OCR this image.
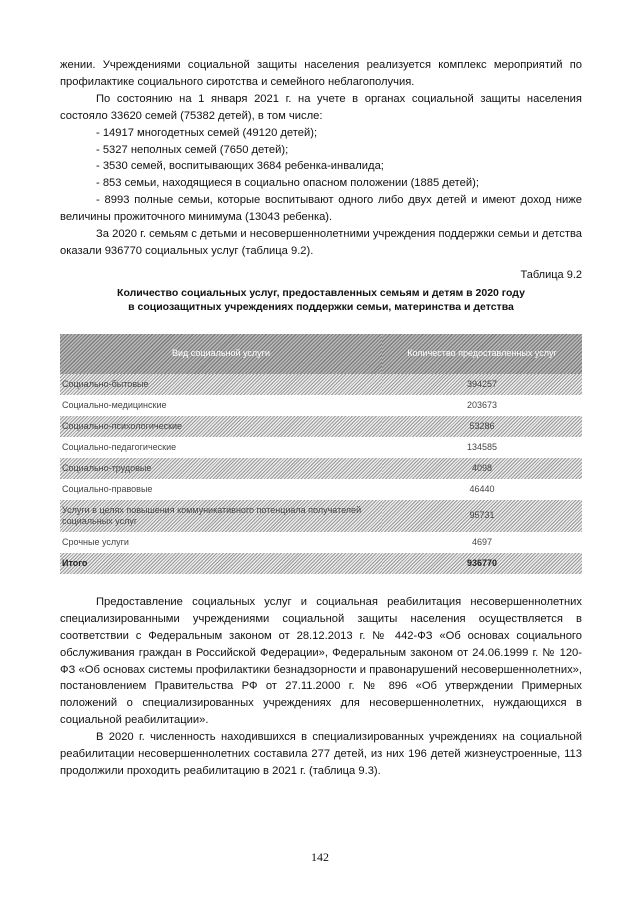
жении. Учреждениями социальной защиты населения реализуется комплекс мероприятий по профилактике социального сиротства и семейного неблагополучия.

По состоянию на 1 января 2021 г. на учете в органах социальной защиты населения состояло 33620 семей (75382 детей), в том числе:

- 14917 многодетных семей (49120 детей);

- 5327 неполных семей (7650 детей);

- 3530 семей, воспитывающих 3684 ребенка-инвалида;

- 853 семьи, находящиеся в социально опасном положении (1885 детей);

- 8993 полные семьи, которые воспитывают одного либо двух детей и имеют доход ниже величины прожиточного минимума (13043 ребенка).

За 2020 г. семьям с детьми и несовершеннолетними учреждения поддержки семьи и детства оказали 936770 социальных услуг (таблица 9.2).

Таблица 9.2
Количество социальных услуг, предоставленных семьям и детям в 2020 году
в социозащитных учреждениях поддержки семьи, материнства и детства
Вид социальной услуги	Количество предоставленных услуг
Социально-бытовые	394257
Социально-медицинские	203673
Социально-психологические	53286
Социально-педагогические	134585
Социально-трудовые	4098
Социально-правовые	46440
Услуги в целях повышения коммуникативного потенциала получателей социальных услуг	95731
Срочные услуги	4697
Итого	936770

Предоставление социальных услуг и социальная реабилитация несовершеннолетних специализированными учреждениями социальной защиты населения осуществляется в соответствии с Федеральным законом от 28.12.2013 г. № 442-ФЗ «Об основах социального обслуживания граждан в Российской Федерации», Федеральным законом от 24.06.1999 г. № 120-ФЗ «Об основах системы профилактики безнадзорности и правонарушений несовершеннолетних», постановлением Правительства РФ от 27.11.2000 г. № 896 «Об утверждении Примерных положений о специализированных учреждениях для несовершеннолетних, нуждающихся в социальной реабилитации».

В 2020 г. численность находившихся в специализированных учреждениях на социальной реабилитации несовершеннолетних составила 277 детей, из них 196 детей жизнеустроенные, 113 продолжили проходить реабилитацию в 2021 г. (таблица 9.3).

142
